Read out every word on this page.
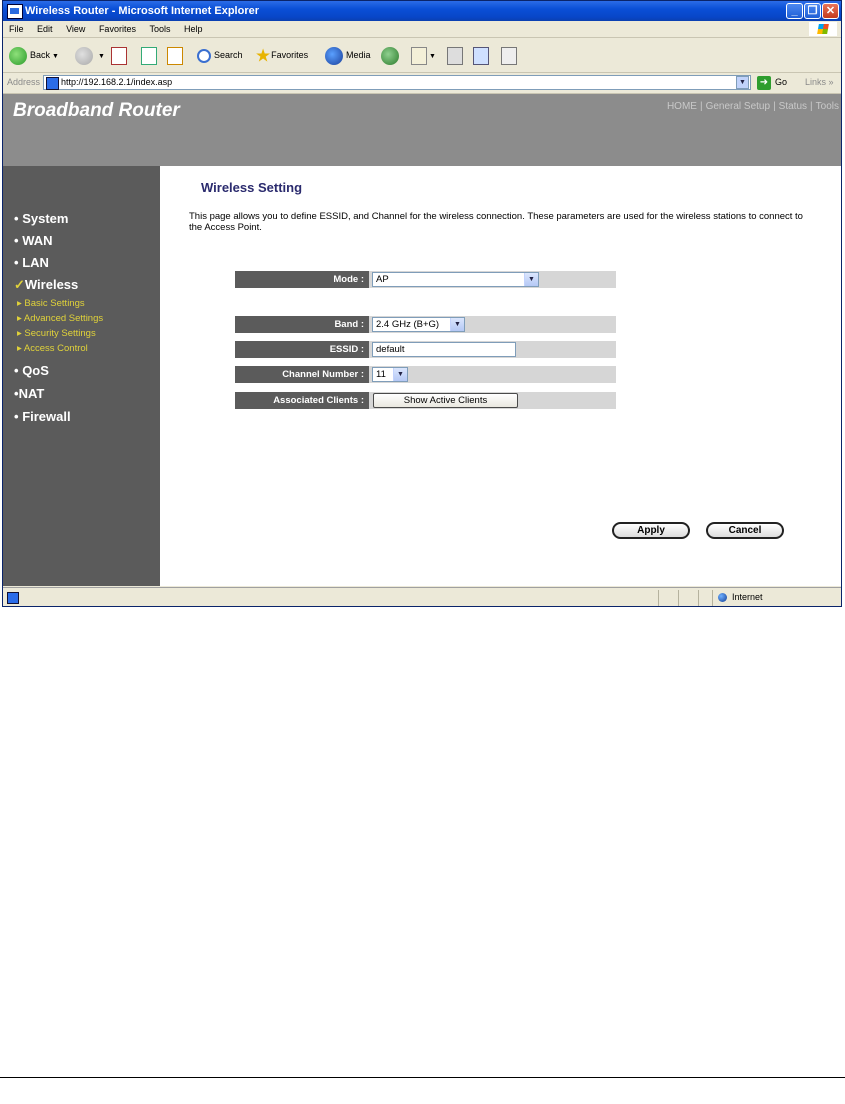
Wireless Router - Microsoft Internet Explorer	_ ❐ ✕
File Edit View Favorites Tools Help
Back ▼	▼	Search ★Favorites	Media	▼
Address http://192.168.2.1/index.asp	▼	➜ Go Links »
Broadband Router	HOME | General Setup | Status | Tools
• System
• WAN
• LAN
✓Wireless
▸ Basic Settings
▸ Advanced Settings
▸ Security Settings
▸ Access Control
• QoS
•NAT
• Firewall
Wireless Setting
This page allows you to define ESSID, and Channel for the wireless connection. These parameters are used for the wireless stations to connect to the Access Point.
Mode :	AP	▼
Band :	2.4 GHz (B+G)	▼
ESSID :	default
Channel Number :	11	▼
Associated Clients :	Show Active Clients
Apply	Cancel
Internet
